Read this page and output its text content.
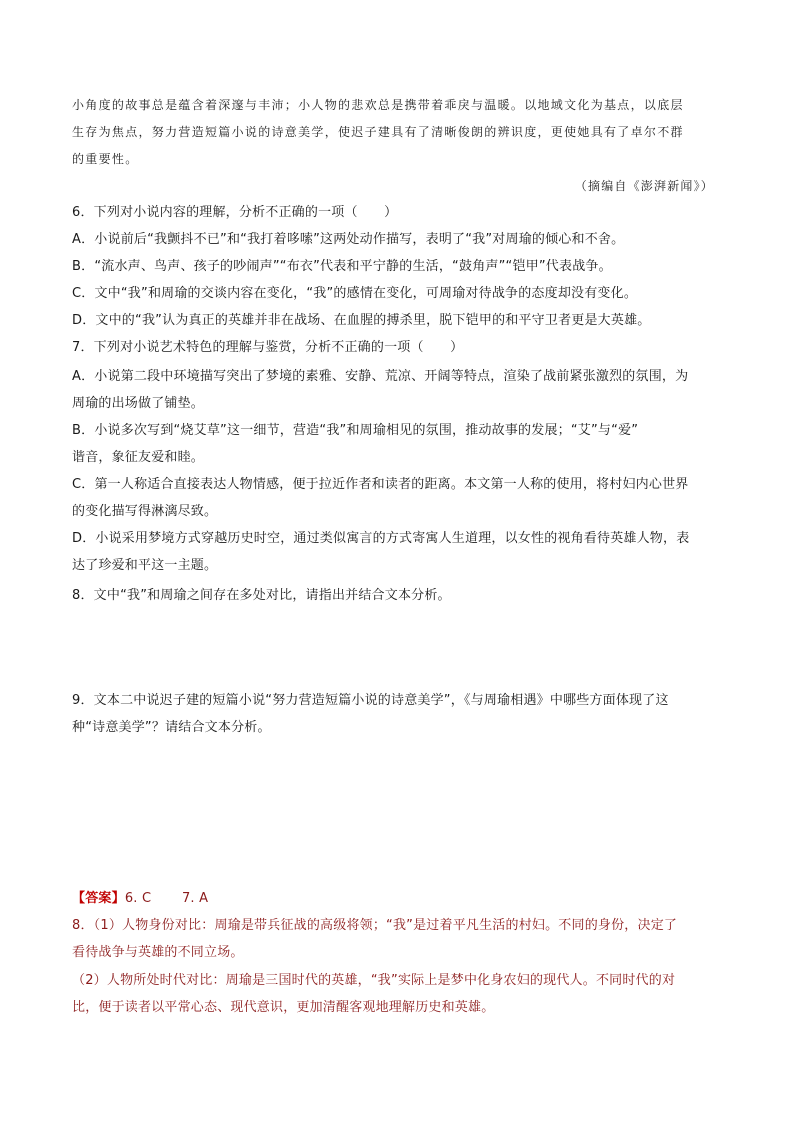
小角度的故事总是蕴含着深邃与丰沛；小人物的悲欢总是携带着乖戾与温暖。以地域文化为基点，以底层
生存为焦点，努力营造短篇小说的诗意美学，使迟子建具有了清晰俊朗的辨识度，更使她具有了卓尔不群
的重要性。
（摘编自《澎湃新闻》）
6．下列对小说内容的理解，分析不正确的一项（　　）
A．小说前后“我颤抖不已”和“我打着哆嗦”这两处动作描写，表明了“我”对周瑜的倾心和不舍。
B．“流水声、鸟声、孩子的吵闹声”“布衣”代表和平宁静的生活，“鼓角声”“铠甲”代表战争。
C．文中“我”和周瑜的交谈内容在变化，“我”的感情在变化，可周瑜对待战争的态度却没有变化。
D．文中的“我”认为真正的英雄并非在战场、在血腥的搏杀里，脱下铠甲的和平守卫者更是大英雄。
7．下列对小说艺术特色的理解与鉴赏，分析不正确的一项（　　）
A．小说第二段中环境描写突出了梦境的素雅、安静、荒凉、开阔等特点，渲染了战前紧张激烈的氛围，为
周瑜的出场做了铺垫。
B．小说多次写到“烧艾草”这一细节，营造“我”和周瑜相见的氛围，推动故事的发展；“艾”与“爱”
谐音，象征友爱和睦。
C．第一人称适合直接表达人物情感，便于拉近作者和读者的距离。本文第一人称的使用，将村妇内心世界
的变化描写得淋漓尽致。
D．小说采用梦境方式穿越历史时空，通过类似寓言的方式寄寓人生道理，以女性的视角看待英雄人物，表
达了珍爱和平这一主题。
8．文中“我”和周瑜之间存在多处对比，请指出并结合文本分析。
9．文本二中说迟子建的短篇小说“努力营造短篇小说的诗意美学”，《与周瑜相遇》中哪些方面体现了这
种“诗意美学”？请结合文本分析。
【答案】6. C　　 7. A
8．（1）人物身份对比：周瑜是带兵征战的高级将领；“我”是过着平凡生活的村妇。不同的身份，决定了
看待战争与英雄的不同立场。
（2）人物所处时代对比：周瑜是三国时代的英雄，“我”实际上是梦中化身农妇的现代人。不同时代的对
比，便于读者以平常心态、现代意识，更加清醒客观地理解历史和英雄。
